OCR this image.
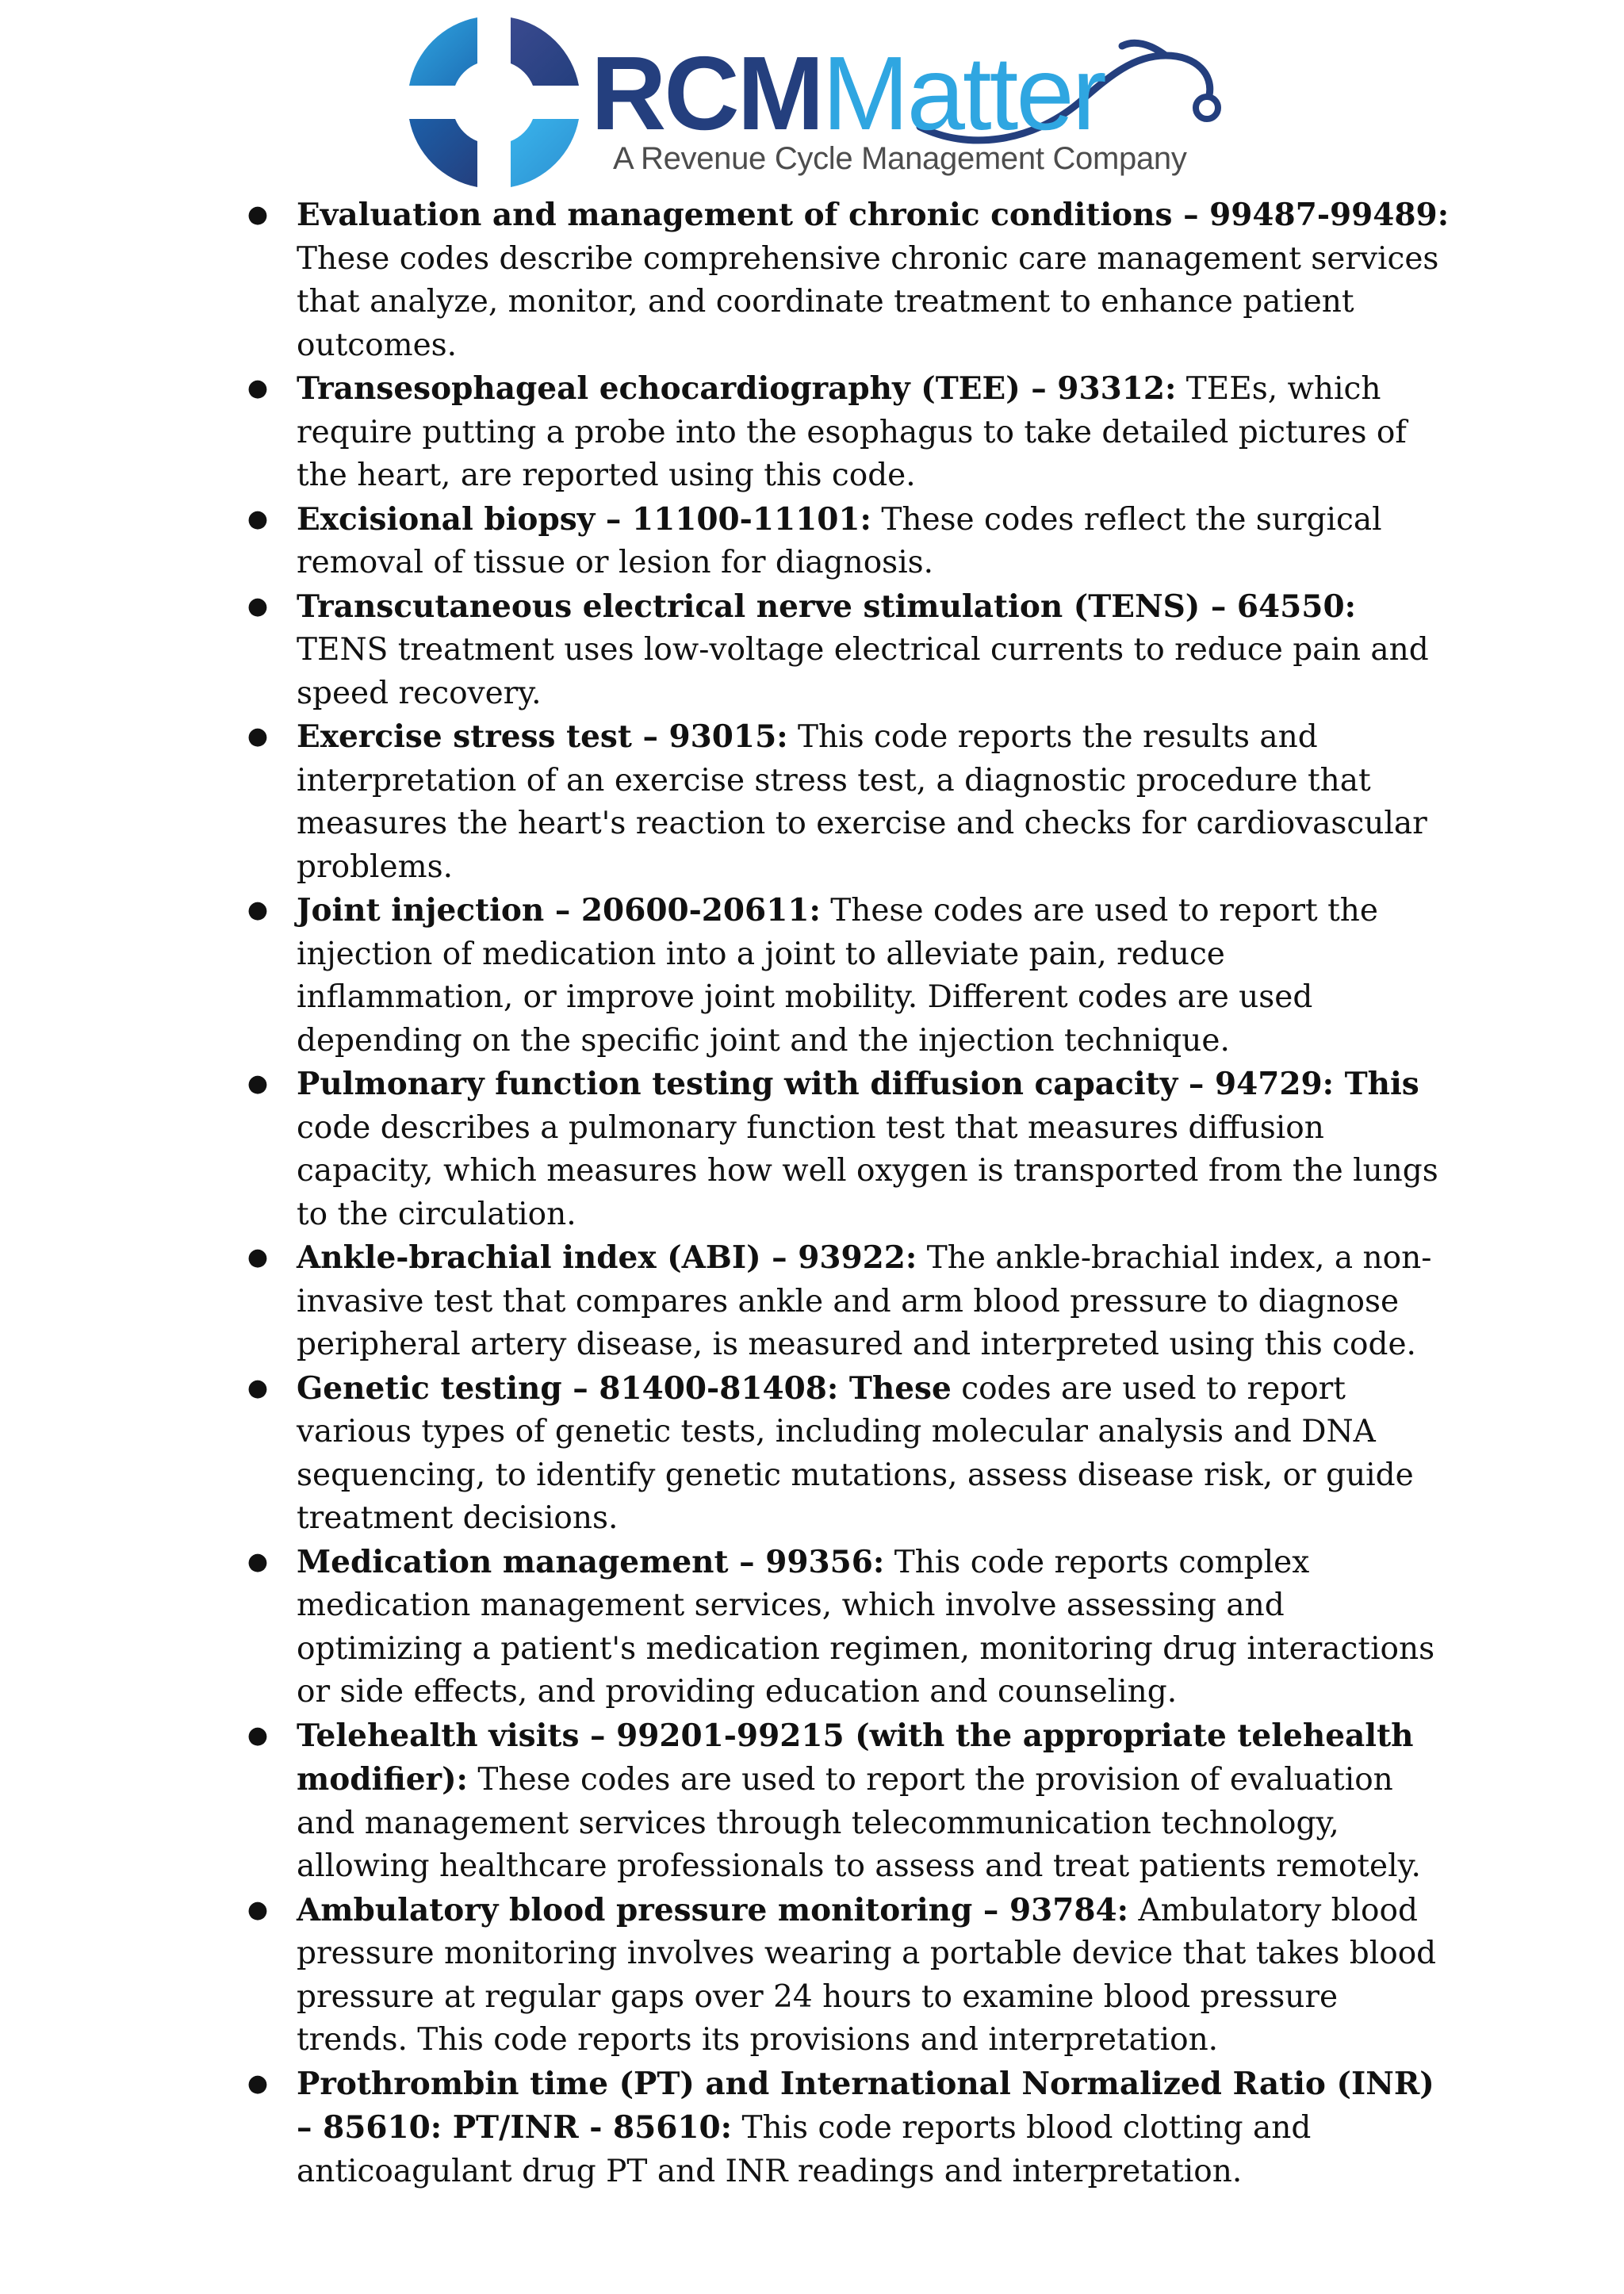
RCMMatter
A Revenue Cycle Management Company
● Evaluation and management of chronic conditions – 99487-99489: These codes describe comprehensive chronic care management services that analyze, monitor, and coordinate treatment to enhance patient outcomes.
● Transesophageal echocardiography (TEE) – 93312: TEEs, which require putting a probe into the esophagus to take detailed pictures of the heart, are reported using this code.
● Excisional biopsy – 11100-11101: These codes reflect the surgical removal of tissue or lesion for diagnosis.
● Transcutaneous electrical nerve stimulation (TENS) – 64550: TENS treatment uses low-voltage electrical currents to reduce pain and speed recovery.
● Exercise stress test – 93015: This code reports the results and interpretation of an exercise stress test, a diagnostic procedure that measures the heart's reaction to exercise and checks for cardiovascular problems.
● Joint injection – 20600-20611: These codes are used to report the injection of medication into a joint to alleviate pain, reduce inflammation, or improve joint mobility. Different codes are used depending on the specific joint and the injection technique.
● Pulmonary function testing with diffusion capacity – 94729: This code describes a pulmonary function test that measures diffusion capacity, which measures how well oxygen is transported from the lungs to the circulation.
● Ankle-brachial index (ABI) – 93922: The ankle-brachial index, a non-invasive test that compares ankle and arm blood pressure to diagnose peripheral artery disease, is measured and interpreted using this code.
● Genetic testing – 81400-81408: These codes are used to report various types of genetic tests, including molecular analysis and DNA sequencing, to identify genetic mutations, assess disease risk, or guide treatment decisions.
● Medication management – 99356: This code reports complex medication management services, which involve assessing and optimizing a patient's medication regimen, monitoring drug interactions or side effects, and providing education and counseling.
● Telehealth visits – 99201-99215 (with the appropriate telehealth modifier): These codes are used to report the provision of evaluation and management services through telecommunication technology, allowing healthcare professionals to assess and treat patients remotely.
● Ambulatory blood pressure monitoring – 93784: Ambulatory blood pressure monitoring involves wearing a portable device that takes blood pressure at regular gaps over 24 hours to examine blood pressure trends. This code reports its provisions and interpretation.
● Prothrombin time (PT) and International Normalized Ratio (INR) – 85610: PT/INR - 85610: This code reports blood clotting and anticoagulant drug PT and INR readings and interpretation.
